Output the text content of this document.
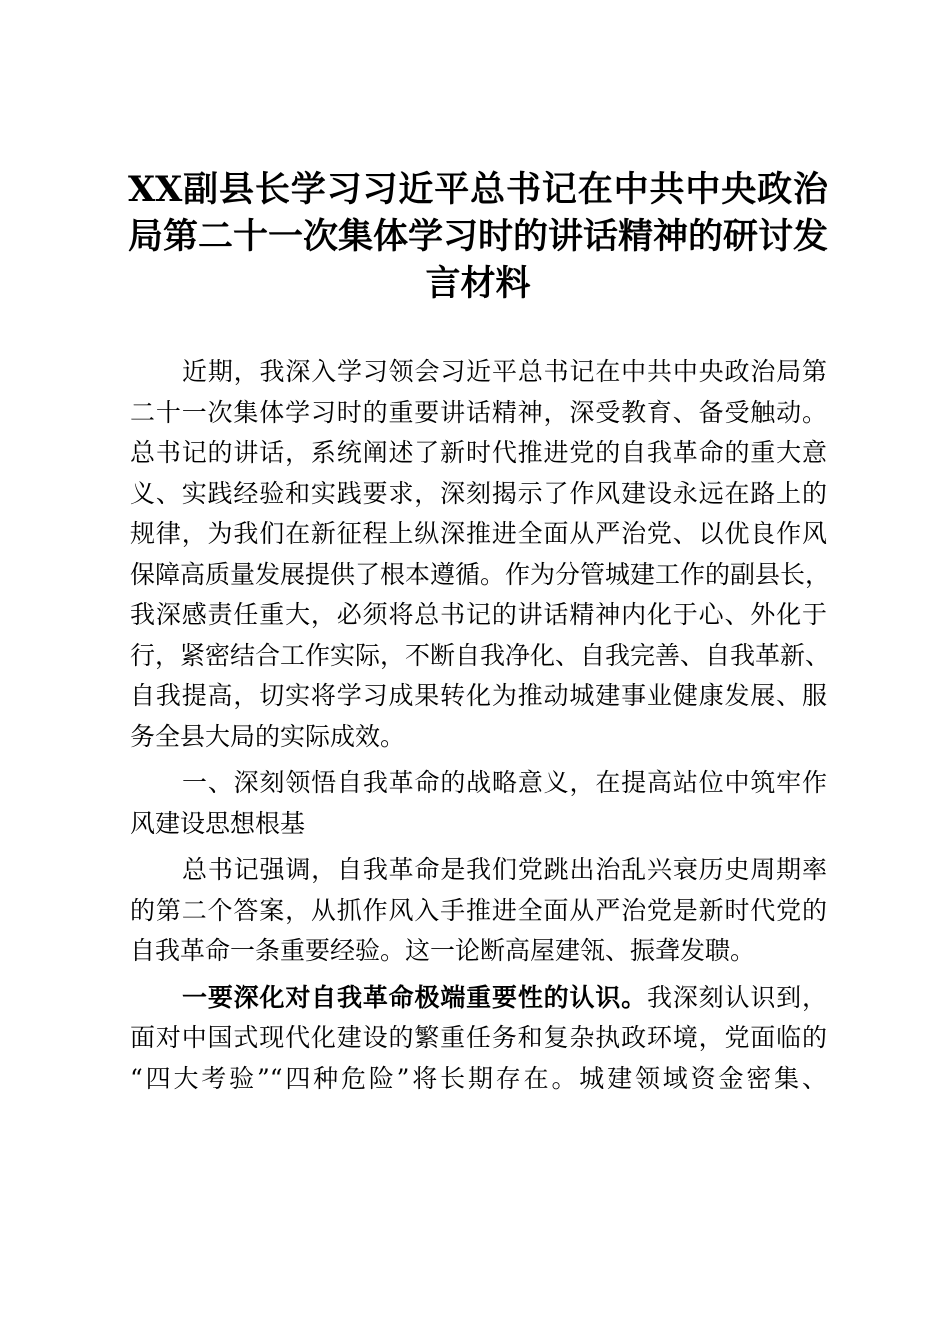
XX副县长学习习近平总书记在中共中央政治
局第二十一次集体学习时的讲话精神的研讨发
言材料
近期，我深入学习领会习近平总书记在中共中央政治局第
二十一次集体学习时的重要讲话精神，深受教育、备受触动。
总书记的讲话，系统阐述了新时代推进党的自我革命的重大意
义、实践经验和实践要求，深刻揭示了作风建设永远在路上的
规律，为我们在新征程上纵深推进全面从严治党、以优良作风
保障高质量发展提供了根本遵循。作为分管城建工作的副县长，
我深感责任重大，必须将总书记的讲话精神内化于心、外化于
行，紧密结合工作实际，不断自我净化、自我完善、自我革新、
自我提高，切实将学习成果转化为推动城建事业健康发展、服
务全县大局的实际成效。
一、深刻领悟自我革命的战略意义，在提高站位中筑牢作
风建设思想根基
总书记强调，自我革命是我们党跳出治乱兴衰历史周期率
的第二个答案，从抓作风入手推进全面从严治党是新时代党的
自我革命一条重要经验。这一论断高屋建瓴、振聋发聩。
一要深化对自我革命极端重要性的认识。我深刻认识到，
面对中国式现代化建设的繁重任务和复杂执政环境，党面临的
“四大考验”“四种危险”将长期存在。城建领域资金密集、
